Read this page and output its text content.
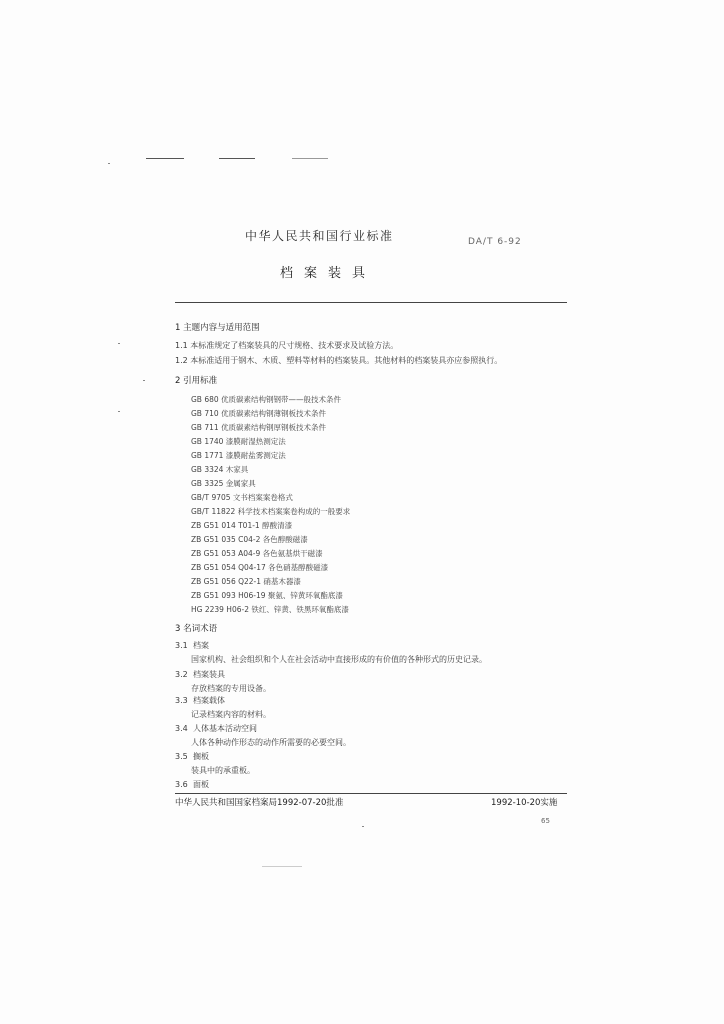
中华人民共和国行业标准	DA/T 6-92
档案装具
1 主题内容与适用范围
1.1 本标准规定了档案装具的尺寸规格、技术要求及试验方法。
1.2 本标准适用于钢木、木质、塑料等材料的档案装具。其他材料的档案装具亦应参照执行。
2 引用标准
GB 680 优质碳素结构钢钢带——般技术条件
GB 710 优质碳素结构钢薄钢板技术条件
GB 711 优质碳素结构钢厚钢板技术条件
GB 1740 漆膜耐湿热测定法
GB 1771 漆膜耐盐雾测定法
GB 3324 木家具
GB 3325 金属家具
GB/T 9705 文书档案案卷格式
GB/T 11822 科学技术档案案卷构成的一般要求
ZB G51 014 T01-1 醇酸清漆
ZB G51 035 C04-2 各色醇酸磁漆
ZB G51 053 A04-9 各色氨基烘干磁漆
ZB G51 054 Q04-17 各色硝基醇酸磁漆
ZB G51 056 Q22-1 硝基木器漆
ZB G51 093 H06-19 聚氨、锌黄环氧酯底漆
HG 2239 H06-2 铁红、锌黄、铁黑环氧酯底漆
3 名词术语
3.1 档案
国家机构、社会组织和个人在社会活动中直接形成的有价值的各种形式的历史记录。
3.2 档案装具
存放档案的专用设备。
3.3 档案载体
记录档案内容的材料。
3.4 人体基本活动空间
人体各种动作形态的动作所需要的必要空间。
3.5 搁板
装具中的承重板。
3.6 面板
中华人民共和国国家档案局1992-07-20批准	1992-10-20实施
65
